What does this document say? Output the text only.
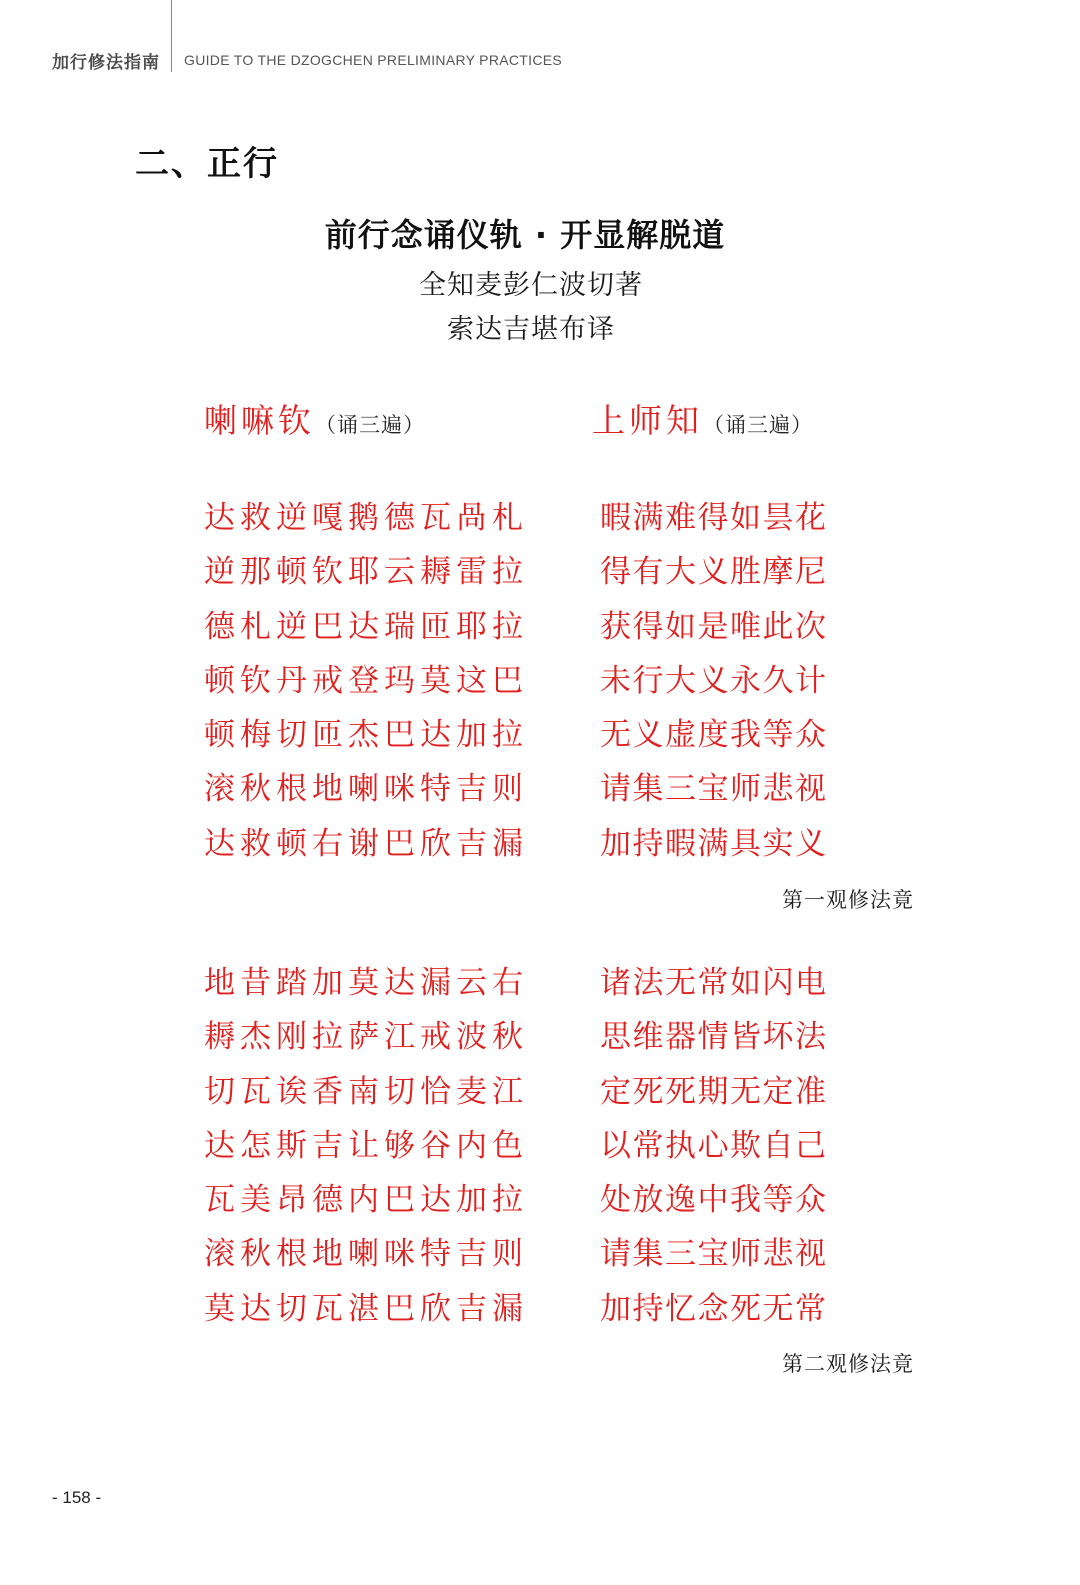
加行修法指南 GUIDE TO THE DZOGCHEN PRELIMINARY PRACTICES
二、正行
前行念诵仪轨 · 开显解脱道
全知麦彭仁波切著
索达吉堪布译
喇嘛钦（诵三遍）	上师知（诵三遍）
达救逆嘎鹅德瓦咼札
逆那顿钦耶云耨雷拉
德札逆巴达瑞匝耶拉
顿钦丹戒登玛莫这巴
顿梅切匝杰巴达加拉
滚秋根地喇咪特吉则
达救顿右谢巴欣吉漏
暇满难得如昙花
得有大义胜摩尼
获得如是唯此次
未行大义永久计
无义虚度我等众
请集三宝师悲视
加持暇满具实义
第一观修法竟
地昔踏加莫达漏云右
耨杰刚拉萨江戒波秋
切瓦诶香南切恰麦江
达怎斯吉让够谷内色
瓦美昂德内巴达加拉
滚秋根地喇咪特吉则
莫达切瓦湛巴欣吉漏
诸法无常如闪电
思维器情皆坏法
定死死期无定准
以常执心欺自己
处放逸中我等众
请集三宝师悲视
加持忆念死无常
第二观修法竟
- 158 -
